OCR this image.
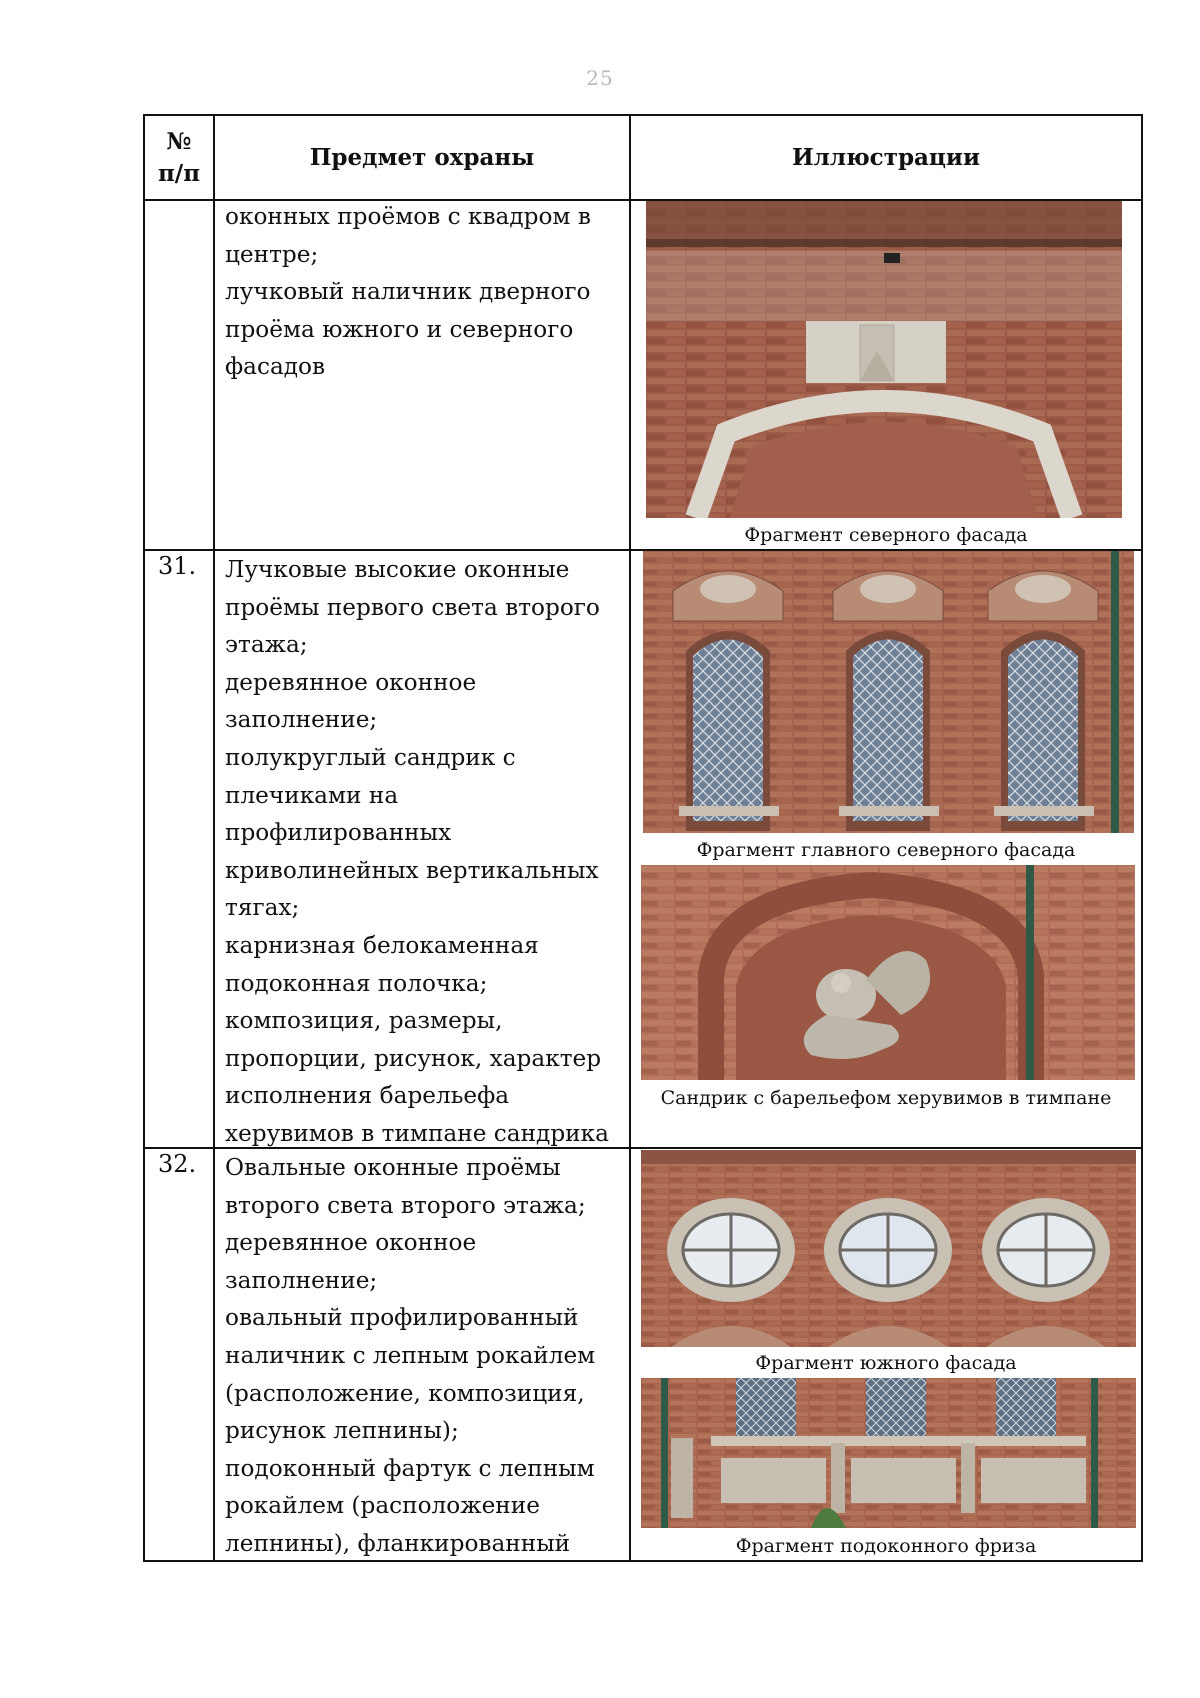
25
№
п/п
Предмет охраны	Иллюстрации
оконных проёмов с квадром в
центре;
лучковый наличник дверного
проёма южного и северного
фасадов
Фрагмент северного фасада
31. Лучковые высокие оконные
проёмы первого света второго
этажа;
деревянное оконное
заполнение;
полукруглый сандрик с
плечиками на
профилированных
криволинейных вертикальных
тягах;
карнизная белокаменная
подоконная полочка;
композиция, размеры,
пропорции, рисунок, характер
исполнения барельефа
херувимов в тимпане сандрика
Фрагмент главного северного фасада
Сандрик с барельефом херувимов в тимпане
32. Овальные оконные проёмы
второго света второго этажа;
деревянное оконное
заполнение;
овальный профилированный
наличник с лепным рокайлем
(расположение, композиция,
рисунок лепнины);
подоконный фартук с лепным
рокайлем (расположение
лепнины), фланкированный
Фрагмент южного фасада
Фрагмент подоконного фриза
